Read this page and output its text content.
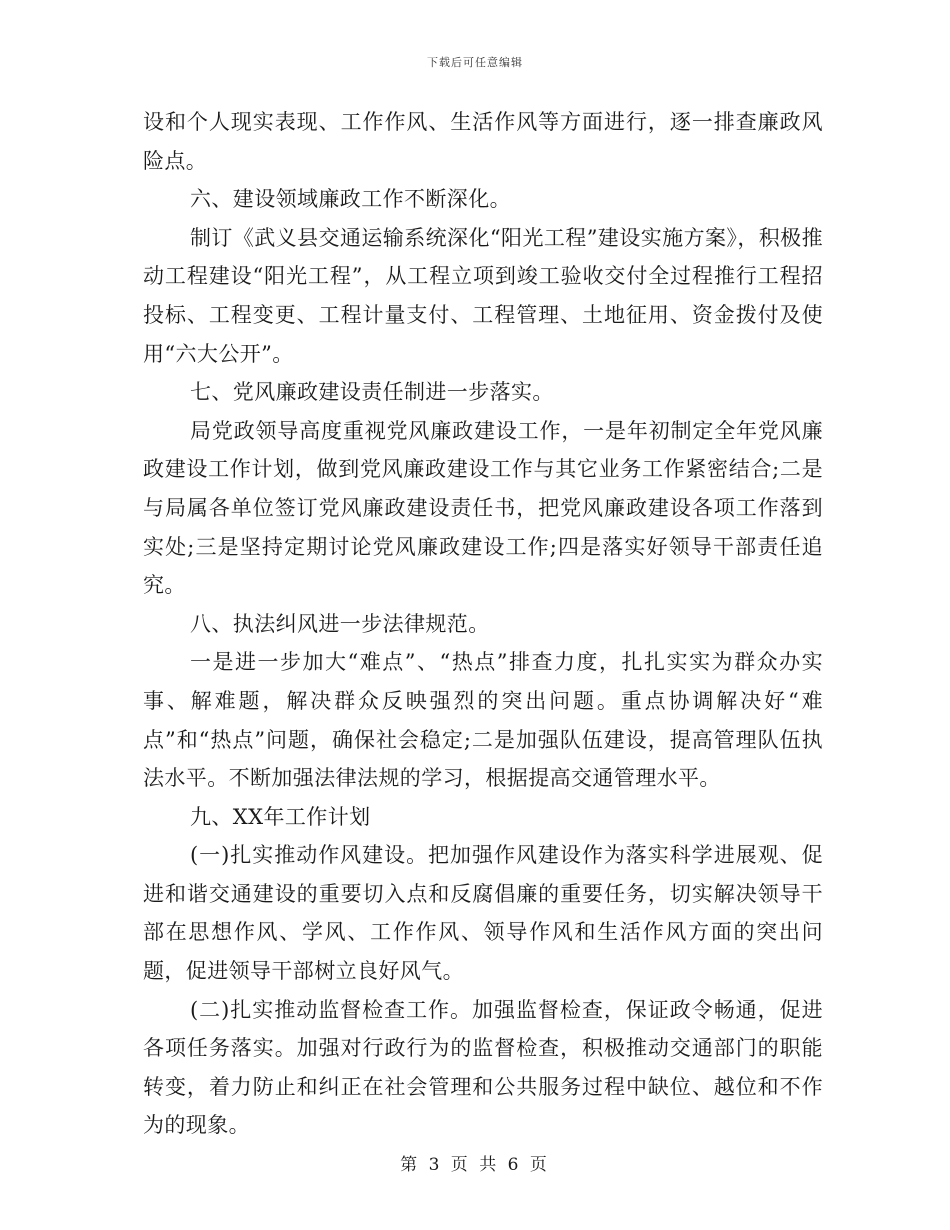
下载后可任意编辑

设和个人现实表现、工作作风、生活作风等方面进行，逐一排查廉政风险点。

六、建设领域廉政工作不断深化。

制订《武义县交通运输系统深化“阳光工程”建设实施方案》，积极推动工程建设“阳光工程”，从工程立项到竣工验收交付全过程推行工程招投标、工程变更、工程计量支付、工程管理、土地征用、资金拨付及使用“六大公开”。

七、党风廉政建设责任制进一步落实。

局党政领导高度重视党风廉政建设工作，一是年初制定全年党风廉政建设工作计划，做到党风廉政建设工作与其它业务工作紧密结合;二是与局属各单位签订党风廉政建设责任书，把党风廉政建设各项工作落到实处;三是坚持定期讨论党风廉政建设工作;四是落实好领导干部责任追究。

八、执法纠风进一步法律规范。

一是进一步加大“难点”、“热点”排查力度，扎扎实实为群众办实事、解难题，解决群众反映强烈的突出问题。重点协调解决好“难点”和“热点”问题，确保社会稳定;二是加强队伍建设，提高管理队伍执法水平。不断加强法律法规的学习，根据提高交通管理水平。

九、XX年工作计划

(一)扎实推动作风建设。把加强作风建设作为落实科学进展观、促进和谐交通建设的重要切入点和反腐倡廉的重要任务，切实解决领导干部在思想作风、学风、工作作风、领导作风和生活作风方面的突出问题，促进领导干部树立良好风气。

(二)扎实推动监督检查工作。加强监督检查，保证政令畅通，促进各项任务落实。加强对行政行为的监督检查，积极推动交通部门的职能转变，着力防止和纠正在社会管理和公共服务过程中缺位、越位和不作为的现象。

第 3 页 共 6 页
